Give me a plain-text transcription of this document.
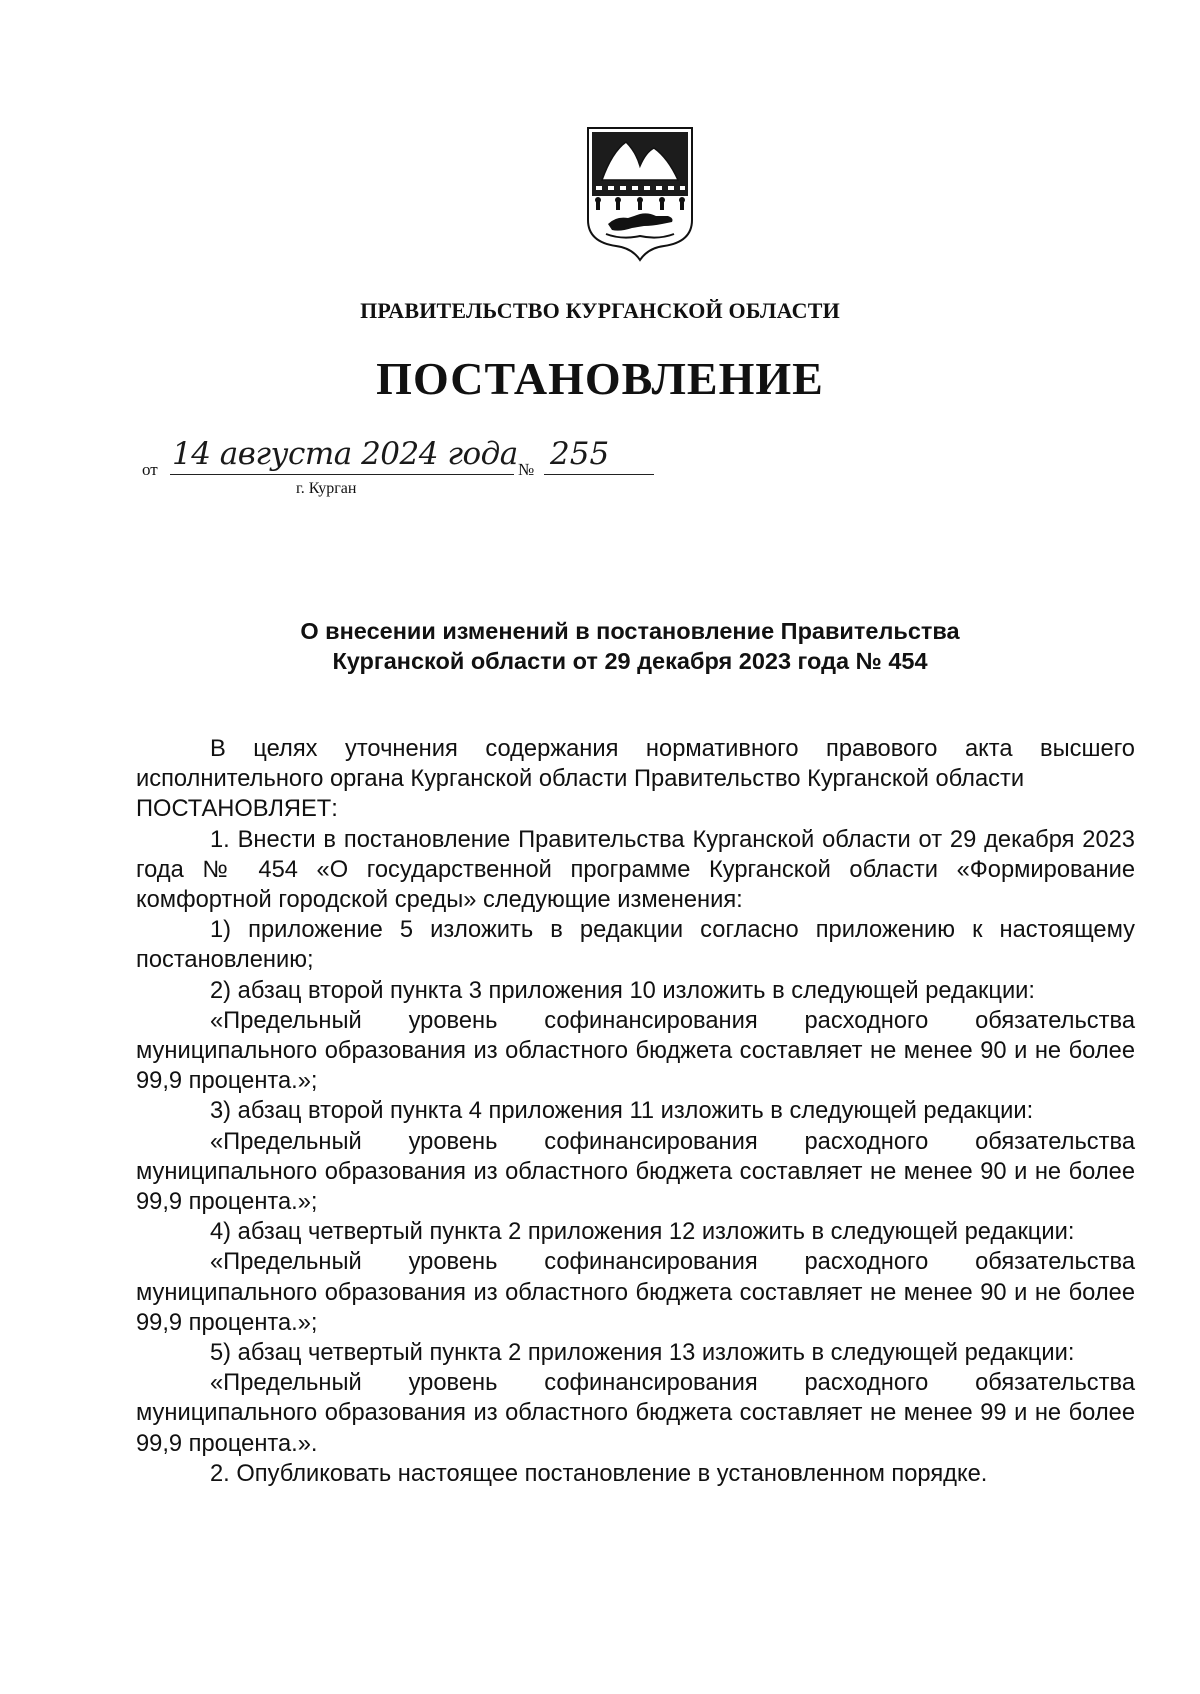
ПРАВИТЕЛЬСТВО КУРГАНСКОЙ ОБЛАСТИ
ПОСТАНОВЛЕНИЕ
от 14 августа 2024 года № 255
г. Курган
О внесении изменений в постановление Правительства
Курганской области от 29 декабря 2023 года № 454

В целях уточнения содержания нормативного правового акта высшего исполнительного органа Курганской области Правительство Курганской области

ПОСТАНОВЛЯЕТ:

1. Внести в постановление Правительства Курганской области от 29 декабря 2023 года № 454 «О государственной программе Курганской области «Формирование комфортной городской среды» следующие изменения:

1) приложение 5 изложить в редакции согласно приложению к настоящему постановлению;

2) абзац второй пункта 3 приложения 10 изложить в следующей редакции:

«Предельный уровень софинансирования расходного обязательства муниципального образования из областного бюджета составляет не менее 90 и не более 99,9 процента.»;

3) абзац второй пункта 4 приложения 11 изложить в следующей редакции:

«Предельный уровень софинансирования расходного обязательства муниципального образования из областного бюджета составляет не менее 90 и не более 99,9 процента.»;

4) абзац четвертый пункта 2 приложения 12 изложить в следующей редакции:

«Предельный уровень софинансирования расходного обязательства муниципального образования из областного бюджета составляет не менее 90 и не более 99,9 процента.»;

5) абзац четвертый пункта 2 приложения 13 изложить в следующей редакции:

«Предельный уровень софинансирования расходного обязательства муниципального образования из областного бюджета составляет не менее 99 и не более 99,9 процента.».

2. Опубликовать настоящее постановление в установленном порядке.
